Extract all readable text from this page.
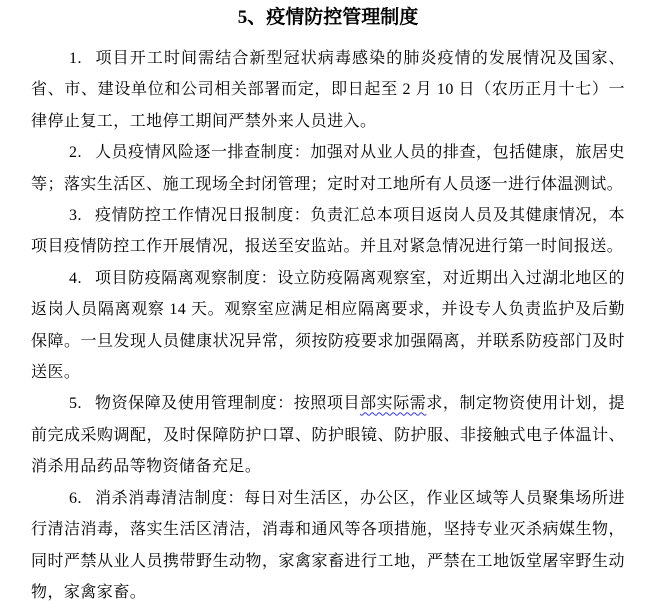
5、疫情防控管理制度

1. 项目开工时间需结合新型冠状病毒感染的肺炎疫情的发展情况及国家、省、市、建设单位和公司相关部署而定，即日起至 2 月 10 日（农历正月十七）一律停止复工，工地停工期间严禁外来人员进入。

2. 人员疫情风险逐一排查制度：加强对从业人员的排查，包括健康，旅居史等；落实生活区、施工现场全封闭管理；定时对工地所有人员逐一进行体温测试。

3. 疫情防控工作情况日报制度：负责汇总本项目返岗人员及其健康情况，本项目疫情防控工作开展情况，报送至安监站。并且对紧急情况进行第一时间报送。

4. 项目防疫隔离观察制度：设立防疫隔离观察室，对近期出入过湖北地区的返岗人员隔离观察 14 天。观察室应满足相应隔离要求，并设专人负责监护及后勤保障。一旦发现人员健康状况异常，须按防疫要求加强隔离，并联系防疫部门及时送医。

5. 物资保障及使用管理制度：按照项目部实际需求，制定物资使用计划，提前完成采购调配，及时保障防护口罩、防护眼镜、防护服、非接触式电子体温计、消杀用品药品等物资储备充足。

6. 消杀消毒清洁制度：每日对生活区，办公区，作业区域等人员聚集场所进行清洁消毒，落实生活区清洁，消毒和通风等各项措施，坚持专业灭杀病媒生物，同时严禁从业人员携带野生动物，家禽家畜进行工地，严禁在工地饭堂屠宰野生动物，家禽家畜。
